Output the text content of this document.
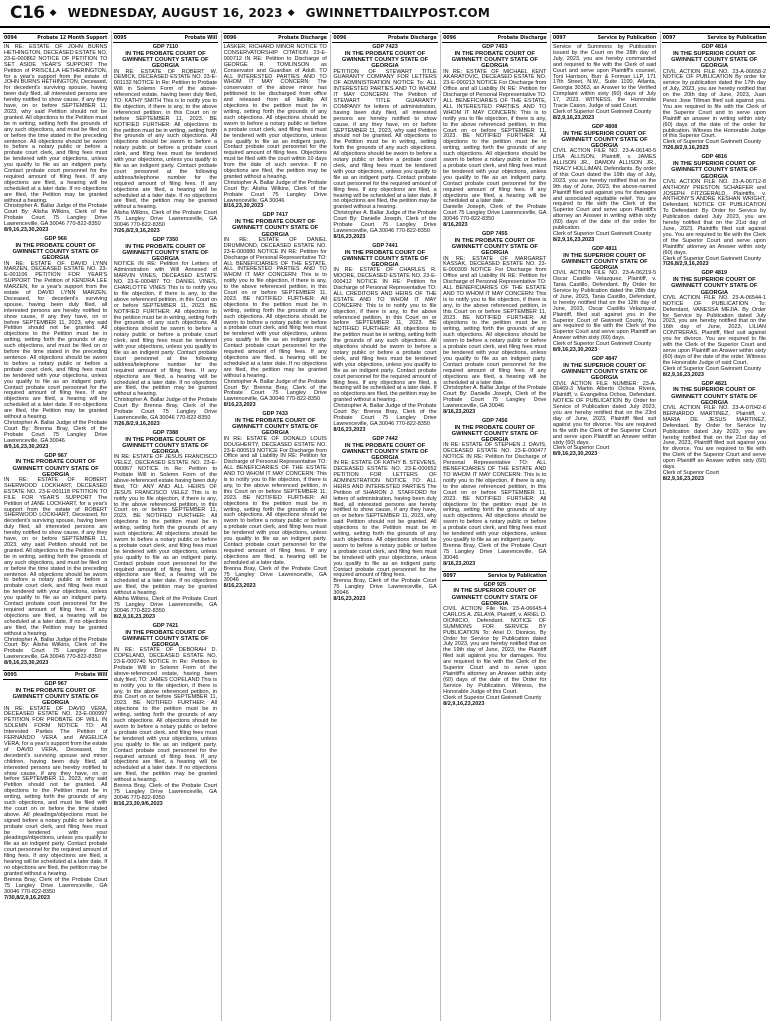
C16 ◆ WEDNESDAY, AUGUST 16, 2023 ◆ GWINNETTDAILYPOST.COM
0094	Probate 12 Month Support
IN RE: ESTATE OF JOHN BURNS HETHINGTON, DECEASED ESTATE NO. 23-E-000862 NOTICE OF PETITION TO SET ASIDE YEAR'S SUPPORT The Petition of PRISCILLA HETHERINGTON, for a year's support from the estate of JOHN BURNS HETHINGTON, Deceased, for decedent's surviving spouse, having been duly filed, all interested persons are hereby notified to show cause, if any they have, on or before SEPTEMBER 11, 2023, why said Petition should not be granted. All objections to the Petition must be in writing, setting forth the grounds of any such objections, and must be filed on or before the time stated in the preceding sentence. All objections should be sworn to before a notary public or before a probate court clerk, and filing fees must be tendered with your objections, unless you qualify to file as an indigent party. Contact probate court personnel for the required amount of filing fees. If any objections are filed, a hearing will be scheduled at a later date. If no objections are filed, the Petition may be granted without a hearing.
Christopher A. Ballar Judge of the Probate Court By: Alisha Wilkins, Clerk of the Probate Court 75 Langley Drive Lawrenceville, GA 30046 770-822-8350
8/9,16,23,30,2023
GDP 966
IN THE PROBATE COURT OF GWINNETT COUNTY STATE OF GEORGIA
IN RE: ESTATE OF DAVID LYNN MARZEN, DECEASED ESTATE NO. 23-E-001106 PETITION FOR YEAR'S SUPPORT The Petition of KENDRA LEE MARZEN, for a year's support from the estate of DAVID LYNN MARZEN, Deceased, for decedent's surviving spouse, having been duly filed, all interested persons are hereby notified to show cause, if any they have, on or before SEPTEMBER 11, 2023, why said Petition should not be granted. All objections to the Petition must be in writing, setting forth the grounds of any such objections, and must be filed on or before the time stated in the preceding sentence. All objections should be sworn to before a notary public or before a probate court clerk, and filing fees must be tendered with your objections, unless you qualify to file as an indigent party. Contact probate court personnel for the required amount of filing fees. If any objections are filed, a hearing will be scheduled at a later date. If no objections are filed, the Petition may be granted without a hearing.
Christopher A. Ballar Judge of the Probate Court By: Brenna Bray, Clerk of the Probate Court 75 Langley Drive Lawrenceville, GA 30046
8/9,16,23,30,2023
GDP 967
IN THE PROBATE COURT OF GWINNETT COUNTY STATE OF GEORGIA
IN RE: ESTATE OF ROBERT SHERWOOD LOCKHART, DECEASED ESTATE NO. 23-E-001118 PETITION TO FILE FOR YEAR'S SUPPORT The Petition of JANE LOCKHART, for a year's support from the estate of ROBERT SHERWOOD LOCKHART, Deceased, for decedent's surviving spouse, having been duly filed, all interested persons are hereby notified to show cause, if any they have, on or before SEPTEMBER 11, 2023, why said Petition should not be granted. All objections to the Petition must be in writing, setting forth the grounds of any such objections, and must be filed on or before the time stated in the preceding sentence. All objections should be sworn to before a notary public or before a probate court clerk, and filing fees must be tendered with your objections, unless you qualify to file as an indigent party. Contact probate court personnel for the required amount of filing fees. If any objections are filed, a hearing will be scheduled at a later date. If no objections are filed, the Petition may be granted without a hearing.
Christopher A. Ballar Judge of the Probate Court By: Alisha Wilkins, Clerk of the Probate Court 75 Langley Drive Lawrenceville, GA 30046 770-822-8350
8/9,16,23,30,2023
0095	Probate Will
GDP 967
IN THE PROBATE COURT OF GWINNETT COUNTY STATE OF GEORGIA
IN RE: ESTATE OF DAVID VERA, DECEASED ESTATE NO. 23-E-000997 PETITION FOR PROBATE OF WILL IN SOLEMN FORM NOTICE TO: All Interested Parties The Petition of FERNANDO VERA and ANGELICA VERA, for a year's support from the estate of DAVID VERA, Deceased, for decedent's surviving spouse and minor children, having been duly filed, all interested persons are hereby notified to show cause, if any they have, on or before SEPTEMBER 11, 2023, why said Petition should not be granted. All objections to the Petition must be in writing, setting forth the grounds of any such objections, and must be filed with the court on or before the time stated above. All pleadings/objections must be signed before a notary public or before a probate court clerk, and filing fees must be tendered with your pleadings/objections, unless you qualify to file as an indigent party. Contact probate court personnel for the required amount of filing fees. If any objections are filed, a hearing will be scheduled at a later date. If no objections are filed, the petition may be granted without a hearing.
Brenna Bray, Clerk of the Probate Court 75 Langley Drive Lawrenceville, GA 30046 770-822-8350
7/30,8/2,9,16,2023
0095	Probate Will
GDP 7110
IN THE PROBATE COURT OF GWINNETT COUNTY STATE OF GEORGIA
IN RE: ESTATE OF ROBERT W. DEMICK, DECEASED ESTATE NO. 23-E-001132 NOTICE In Re: Petition to Probate Will in Solemn Form of the above-referenced estate, having been duly filed, TO: KATHY SMITH This is to notify you to file objection, if there is any, to the above referenced petition, in this Court on or before SEPTEMBER 11, 2023. BE NOTIFIED FURTHER: All objections to the petition must be in writing, setting forth the grounds of any such objections. All objections should be sworn to before a notary public or before a probate court clerk, and filing fees must be tendered with your objections, unless you qualify to file as an indigent party. Contact probate court personnel at the following address/telephone number for the required amount of filing fees. If any objections are filed, a hearing will be scheduled at a later date. If no objections are filed, the petition may be granted without a hearing.
Alisha Wilkins, Clerk of the Probate Court 75 Langley Drive Lawrenceville, GA 30046 770-822-8350
7/26,8/2,9,16,2023
GDP 7350
IN THE PROBATE COURT OF GWINNETT COUNTY STATE OF GEORGIA
NOTICE IN RE: Petition for Letters of Administration with Will Annexed of MARVIN VINES, DECEASED ESTATE NO. 23-E-000487 TO: DANIEL VINES, CHARLOTTE VINES This is to notify you to file objection, if there is any, to the above referenced petition, in this Court on or before SEPTEMBER 11, 2023. BE NOTIFIED FURTHER: All objections to the petition must be in writing, setting forth the grounds of any such objections. All objections should be sworn to before a notary public or before a probate court clerk, and filing fees must be tendered with your objections, unless you qualify to file as an indigent party. Contact probate court personnel at the following address/telephone number for the required amount of filing fees. If any objections are filed, a hearing will be scheduled at a later date. If no objections are filed, the petition may be granted without a hearing.
Christopher A. Ballar Judge of the Probate Court By: Brenna Bray, Clerk of the Probate Court 75 Langley Drive Lawrenceville, GA 30046 770-822-8350
7/26,8/2,9,16,2023
GDP 7388
IN THE PROBATE COURT OF GWINNETT COUNTY STATE OF GEORGIA
IN RE: ESTATE OF JESUS FRANCISCO VELEZ, DECEASED ESTATE NO. 23-E-000867 NOTICE In Re: Petition to Probate Will in Solemn Form of the above-referenced estate having been duly filed, TO: ANY AND ALL HEIRS OF JESUS FRANCISCO VELEZ This is to notify you to file objection, if there is any, to the above referenced petition, in this Court on or before SEPTEMBER 11, 2023. BE NOTIFIED FURTHER: All objections to the petition must be in writing, setting forth the grounds of any such objections. All objections should be sworn to before a notary public or before a probate court clerk, and filing fees must be tendered with your objections, unless you qualify to file as an indigent party. Contact probate court personnel for the required amount of filing fees. If any objections are filed, a hearing will be scheduled at a later date. If no objections are filed, the petition may be granted without a hearing.
Alisha Wilkins, Clerk of the Probate Court 75 Langley Drive Lawrenceville, GA 30046 770-822-8350
8/2,9,16,23,2023
GDP 7421
IN THE PROBATE COURT OF GWINNETT COUNTY STATE OF GEORGIA
IN RE: ESTATE OF DEBORAH D. COPELAND, DECEASED ESTATE NO. 23-E-000740 NOTICE In Re: Petition to Probate Will in Solemn Form of the above-referenced estate, having been duly filed, TO: JAMES COPELAND This is to notify you to file objection, if there is any, to the above referenced petition, in this Court on or before SEPTEMBER 11, 2023. BE NOTIFIED FURTHER: All objections to the petition must be in writing, setting forth the grounds of any such objections. All objections should be sworn to before a notary public or before a probate court clerk, and filing fees must be tendered with your objections, unless you qualify to file as an indigent party. Contact probate court personnel for the required amount of filing fees. If any objections are filed, a hearing will be scheduled at a later date. If no objections are filed, the petition may be granted without a hearing.
Brenna Bray, Clerk of the Probate Court 75 Langley Drive Lawrenceville, GA 30046 770-822-8350
8/16,23,30,9/6,2023
0096	Probate Discharge
LASKER, RICHARD MINOR NOTICE TO CONSERVATORSHIP CITATION 23-E-000712 IN RE: Petition to Discharge of GEORGE R. TOMLINSON as Conservator and Guardian of Adult. TO ALL INTERESTED PARTIES AND TO WHOM IT MAY CONCERN: The conservator of the above minor has petitioned to be discharged from office and released from all liability. All objections to the petition must be in writing, setting forth the grounds of any such objections. All objections should be sworn to before a notary public or before a probate court clerk, and filing fees must be tendered with your objections, unless you qualify to file as an indigent party. Contact probate court personnel for the required amount of filing fees. Objections must be filed with the court within 10 days from the date of such service. If no objections are filed, the petition may be granted without a hearing.
Christopher A. Ballar Judge of the Probate Court By: Alisha Wilkins, Clerk of the Probate Court 75 Langley Drive Lawrenceville, GA 30046
8/16,23,30,2023
GDP 7417
IN THE PROBATE COURT OF GWINNETT COUNTY STATE OF GEORGIA
IN RE: ESTATE OF DANIEL DRUMMOND, DECEASED ESTATE NO. 23-E-000880 NOTICE IN RE: Petition for Discharge of Personal Representative TO: ALL BENEFICIARIES OF THE ESTATE, ALL INTERESTED PARTIES AND TO WHOM IT MAY CONCERN: This is to notify you to file objection, if there is any, to the above referenced petition, in this Court on or before SEPTEMBER 11, 2023. BE NOTIFIED FURTHER: All objections to the petition must be in writing, setting forth the grounds of any such objections. All objections should be sworn to before a notary public or before a probate court clerk, and filing fees must be tendered with your objections, unless you qualify to file as an indigent party. Contact probate court personnel for the required amount of filing fees. If any objections are filed, a hearing will be scheduled at a later date. If no objections are filed, the petition may be granted without a hearing.
Christopher A. Ballar Judge of the Probate Court By: Brenna Bray, Clerk of the Probate Court 75 Langley Drive Lawrenceville, GA 30046 770-822-8350
8/16,23,2023
GDP 7433
IN THE PROBATE COURT OF GWINNETT COUNTY STATE OF GEORGIA
IN RE: ESTATE OF DONALD LOUIS DOUGHERTY, DECEASED ESTATE NO. 23-E-000519 NOTICE For Discharge from Office and all Liability IN RE: Petition for Discharge of Personal Representative TO: ALL BENEFICIARIES OF THE ESTATE AND TO WHOM IT MAY CONCERN: This is to notify you to file objection, if there is any, to the above referenced petition, in this Court on or before SEPTEMBER 11, 2023. BE NOTIFIED FURTHER: All objections to the petition must be in writing, setting forth the grounds of any such objections. All objections should be sworn to before a notary public or before a probate court clerk, and filing fees must be tendered with your objections, unless you qualify to file as an indigent party. Contact probate court personnel for the required amount of filing fees. If any objections are filed, a hearing will be scheduled at a later date.
Brenna Bray, Clerk of the Probate Court 75 Langley Drive Lawrenceville, GA 30046
8/16,23,2023
0096	Probate Discharge
GDP 7423
IN THE PROBATE COURT OF GWINNETT COUNTY STATE OF GEORGIA
PETITION OF STEWART TITLE GUARANTY COMPANY FOR LETTERS OF ADMINISTRATION NOTICE To: ALL INTERESTED PARTIES AND TO WHOM IT MAY CONCERN The Petition of STEWART TITLE GUARANTY COMPANY for letters of administration, having been duly filed, all interested persons are hereby notified to show cause, if any they have, on or before SEPTEMBER 11, 2023, why said Petition should not be granted. All objections to the Petition must be in writing, setting forth the grounds of any such objections. All objections should be sworn to before a notary public or before a probate court clerk, and filing fees must be tendered with your objections, unless you qualify to file as an indigent party. Contact probate court personnel for the required amount of filing fees. If any objections are filed, a hearing will be scheduled at a later date. If no objections are filed, the petition may be granted without a hearing.
Christopher A. Ballar Judge of the Probate Court By: Danielle Joseph, Clerk of the Probate Court 75 Langley Drive Lawrenceville, GA 30046 770-822-8350
8/16,23,2023
GDP 7441
IN THE PROBATE COURT OF GWINNETT COUNTY STATE OF GEORGIA
IN RE: ESTATE OF CHARLES R. MOORE, DECEASED ESTATE NO. 23-E-000412 NOTICE IN RE: Petition for Discharge of Personal Representative TO: ALL CREDITORS AND HEIRS OF THE ESTATE AND TO WHOM IT MAY CONCERN: This is to notify you to file objection, if there is any, to the above referenced petition, in this Court on or before SEPTEMBER 11, 2023. BE NOTIFIED FURTHER: All objections to the petition must be in writing, setting forth the grounds of any such objections. All objections should be sworn to before a notary public or before a probate court clerk, and filing fees must be tendered with your objections, unless you qualify to file as an indigent party. Contact probate court personnel for the required amount of filing fees. If any objections are filed, a hearing will be scheduled at a later date. If no objections are filed, the petition may be granted without a hearing.
Christopher A. Ballar Judge of the Probate Court By: Brenna Bray, Clerk of the Probate Court 75 Langley Drive Lawrenceville, GA 30046 770-822-8350
8/16,23,2023
GDP 7442
IN THE PROBATE COURT OF GWINNETT COUNTY STATE OF GEORGIA
IN RE: ESTATE OF KATHY B. STEVENS, DECEASED ESTATE NO. 23-E-000652 PETITION FOR LETTERS OF ADMINISTRATION NOTICE TO: ALL HEIRS AND INTERESTED PARTIES The Petition of SHARON J. STAFFORD for letters of administration, having been duly filed, all interested persons are hereby notified to show cause, if any they have, on or before SEPTEMBER 11, 2023, why said Petition should not be granted. All objections to the Petition must be in writing, setting forth the grounds of any such objections. All objections should be sworn to before a notary public or before a probate court clerk, and filing fees must be tendered with your objections, unless you qualify to file as an indigent party. Contact probate court personnel for the required amount of filing fees.
Brenna Bray, Clerk of the Probate Court 75 Langley Drive Lawrenceville, GA 30046
8/16,23,2023
0096	Probate Discharge
GDP 7453
IN THE PROBATE COURT OF GWINNETT COUNTY STATE OF GEORGIA
IN RE: ESTATE OF MICHAEL KENT AKARATOVIC, DECEASED ESTATE NO. 23-E-000213 NOTICE For Discharge from Office and all Liability IN RE: Petition for Discharge of Personal Representative TO: ALL BENEFICIARIES OF THE ESTATE, ALL INTERESTED PARTIES AND TO WHOM IT MAY CONCERN: This is to notify you to file objection, if there is any, to the above referenced petition, in this Court on or before SEPTEMBER 11, 2023. BE NOTIFIED FURTHER: All objections to the petition must be in writing, setting forth the grounds of any such objections. All objections should be sworn to before a notary public or before a probate court clerk, and filing fees must be tendered with your objections, unless you qualify to file as an indigent party. Contact probate court personnel for the required amount of filing fees. If any objections are filed, a hearing will be scheduled at a later date.
Danielle Joseph, Clerk of the Probate Court 75 Langley Drive Lawrenceville, GA 30046 770-822-8350
8/16,2023
GDP 7455
IN THE PROBATE COURT OF GWINNETT COUNTY STATE OF GEORGIA
IN RE: ESTATE OF MARGARET KASSAK, DECEASED ESTATE NO. 23-E-000309 NOTICE For Discharge from Office and all Liability IN RE: Petition for Discharge of Personal Representative TO: ALL BENEFICIARIES OF THE ESTATE AND TO WHOM IT MAY CONCERN: This is to notify you to file objection, if there is any, to the above referenced petition, in this Court on or before SEPTEMBER 11, 2023. BE NOTIFIED FURTHER: All objections to the petition must be in writing, setting forth the grounds of any such objections. All objections should be sworn to before a notary public or before a probate court clerk, and filing fees must be tendered with your objections, unless you qualify to file as an indigent party. Contact probate court personnel for the required amount of filing fees. If any objections are filed, a hearing will be scheduled at a later date.
Christopher A. Ballar Judge of the Probate Court By: Danielle Joseph, Clerk of the Probate Court 75 Langley Drive Lawrenceville, GA 30046
8/16,23,2023
GDP 7456
IN THE PROBATE COURT OF GWINNETT COUNTY STATE OF GEORGIA
IN RE: ESTATE OF STEPHEN J. DAVIS, DECEASED ESTATE NO. 23-E-000477 NOTICE IN RE: Petition for Discharge of Personal Representative TO: ALL BENEFICIARIES OF THE ESTATE AND TO WHOM IT MAY CONCERN: This is to notify you to file objection, if there is any, to the above referenced petition, in this Court on or before SEPTEMBER 11, 2023. BE NOTIFIED FURTHER: All objections to the petition must be in writing, setting forth the grounds of any such objections. All objections should be sworn to before a notary public or before a probate court clerk, and filing fees must be tendered with your objections, unless you qualify to file as an indigent party.
Brenna Bray, Clerk of the Probate Court 75 Langley Drive Lawrenceville, GA 30046
8/16,23,2023
0097	Service by Publication
GDP 925
IN THE SUPERIOR COURT OF GWINNETT COUNTY STATE OF GEORGIA
CIVIL ACTION File No. 23-A-06645-4 CARLOS A. ZELAYA, Plaintiff, v. ARIEL D. DIONICIO, Defendant. NOTICE OF SUMMONS FOR SERVICE BY PUBLICATION To: Ariel D. Dionicio. By Order for Service by Publication dated July 2023, you are hereby notified that on the 19th day of June, 2023, the Plaintiff filed suit against you for damages. You are required to file with the Clerk of the Superior Court and to serve upon Plaintiff's attorney an Answer within sixty (60) days of the date of the Order for Service by Publication. Witness, the Honorable Judge of this Court.
Clerk of Superior Court Gwinnett County
8/2,9,16,23,2023
0097	Service by Publication
Service of Summons by Publication issued by the Court on the 28th day of July, 2023, you are hereby commanded and required to file with the Clerk of said Court and serve upon Plaintiff's counsel, Toni Harrison, Burr & Forman LLP, 171 17th Street, N.W., Suite 1100, Atlanta, Georgia 30363, an Answer to the Verified Complaint within sixty (60) days of July 17, 2023. WITNESS, the Honorable Tracie Cason, Judge of said Court.
Clerk of Superior Court Gwinnett County
8/2,9,16,23,2023
GDP 4808
IN THE SUPERIOR COURT OF GWINNETT COUNTY STATE OF GEORGIA
CIVIL ACTION FILE NO. 23-A-06140-5 LISA ALLISON, Plaintiff, v. JAMES ALLISON JR., DAMON ALLISON JR., TRACY HOLLIMAN, Defendants. By order of this Court dated the 19th day of July, 2023, you are hereby notified that on the 9th day of June, 2023, the above-named Plaintiff filed suit against you for damages and associated equitable relief. You are required to file with the Clerk of the Superior Court and serve upon Plaintiff's attorney an Answer in writing within sixty (60) days of the date of the order for publication.
Clerk of Superior Court Gwinnett County
8/2,9,16,23,2023
GDP 4811
IN THE SUPERIOR COURT OF GWINNETT COUNTY STATE OF GEORGIA
CIVIL ACTION FILE NO. 23-A-06219-5 Oscar Castillo Velazquez, Plaintiff, v. Tania Castillo, Defendant. By Order for Service by Publication dated the 28th day of June, 2023, Tania Castillo, Defendant, is hereby notified that on the 12th day of June, 2023, Oscar Castillo Velazquez, Plaintiff, filed suit against you in the Superior Court of Gwinnett County. You are required to file with the Clerk of the Superior Court and serve upon Plaintiff an Answer within sixty (60) days.
Clerk of Superior Court Gwinnett County
8/9,16,23,30,2023
GDP 4847
IN THE SUPERIOR COURT OF GWINNETT COUNTY STATE OF GEORGIA
CIVIL ACTION FILE NUMBER: 23-A-06469-3 Martin Alberto Ochoa Rivera, Plaintiff, v. Evangelina Ochoa, Defendant. NOTICE OF PUBLICATION By Order for Service of Publication dated July 2023, you are hereby notified that on the 23rd day of June, 2023, Plaintiff filed suit against you for divorce. You are required to file with the Clerk of the Superior Court and serve upon Plaintiff an Answer within sixty (60) days.
Clerk of Superior Court
8/9,16,23,30,2023
0097	Service by Publication
GDP 4814
IN THE SUPERIOR COURT OF GWINNETT COUNTY STATE OF GEORGIA
CIVIL ACTION FILE NO. 23-A-06658-2 NOTICE OF PUBLICATION By order for service by publication dated the 17th day of July, 2023, you are hereby notified that on the 20th day of June, 2023, Juan Perez Jose Tillman filed suit against you. You are required to file with the Clerk of the Superior Court and to serve upon Plaintiff an answer in writing within sixty (60) days of the date of the order for publication. Witness the Honorable Judge of this Superior Court.
Clerk of Superior Court Gwinnett County
7/26,8/2,9,16,2023
GDP 4816
IN THE SUPERIOR COURT OF GWINNETT COUNTY STATE OF GEORGIA
CIVIL ACTION FILE NO. 23-A-06712-8 ANTHONY PRESTON SCHAEFER and JOSEPH FITZGERALD, Plaintiffs, v. ANTHONY'S ANDRE KESHAN WRIGHT, Defendant. NOTICE OF PUBLICATION To Defendant: By Order for Service by Publication dated July 2023, you are hereby notified that on the 21st day of June, 2023, Plaintiffs filed suit against you. You are required to file with the Clerk of the Superior Court and serve upon Plaintiffs' attorney an Answer within sixty (60) days.
Clerk of Superior Court Gwinnett County
7/26,8/2,9,16,2023
GDP 4819
IN THE SUPERIOR COURT OF GWINNETT COUNTY STATE OF GEORGIA
CIVIL ACTION FILE NO. 23-A-06544-1 NOTICE OF PUBLICATION To: Defendant, VANESSA MEJIA. By Order for Service by Publication dated July 2023, you are hereby notified that on the 16th day of June, 2023, LILIAN CONTRERAS, Plaintiff, filed suit against you for divorce. You are required to file with the Clerk of the Superior Court and serve upon Plaintiff an Answer within sixty (60) days of the date of the order. Witness the Honorable Judge of said Court.
Clerk of Superior Court Gwinnett County
8/2,9,16,23,2023
GDP 4821
IN THE SUPERIOR COURT OF GWINNETT COUNTY STATE OF GEORGIA
CIVIL ACTION FILE NO. 23-A-07042-6 BERNARDO MARTINEZ, Plaintiff, v. MARIA DE JESUS MARTINEZ, Defendant. By Order for Service by Publication dated July 2023, you are hereby notified that on the 21st day of June, 2023, Plaintiff filed suit against you for divorce. You are required to file with the Clerk of the Superior Court and serve upon Plaintiff an Answer within sixty (60) days.
Clerk of Superior Court
8/2,9,16,23,2023
